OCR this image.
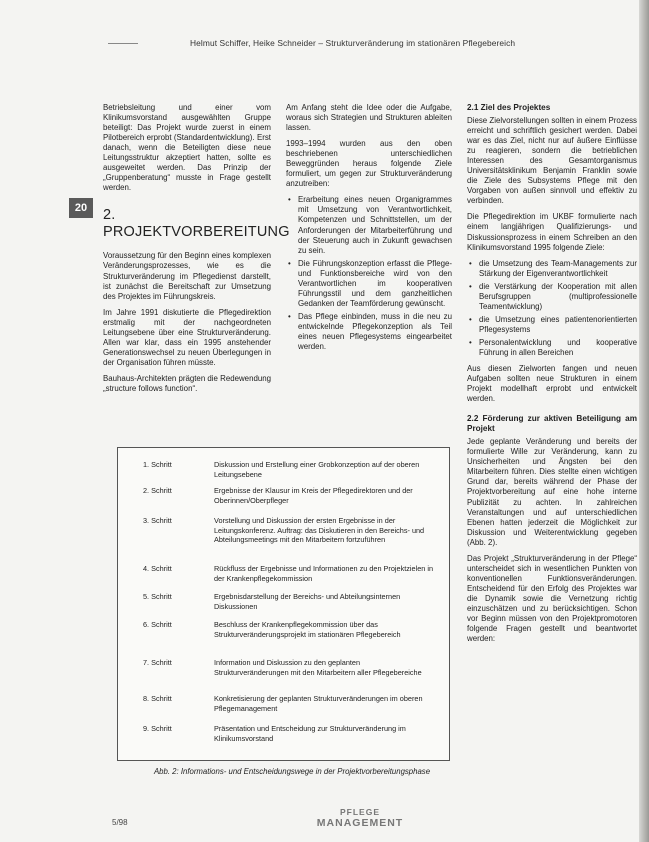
Helmut Schiffer, Heike Schneider – Strukturveränderung im stationären Pflegebereich
20

Betriebsleitung und einer vom Klinikumsvorstand ausgewählten Gruppe beteiligt: Das Projekt wurde zuerst in einem Pilotbereich erprobt (Standardentwicklung). Erst danach, wenn die Beteiligten diese neue Leitungsstruktur akzeptiert hatten, sollte es ausgeweitet werden. Das Prinzip der „Gruppenberatung“ musste in Frage gestellt werden.

2. PROJEKTVORBEREITUNG

Voraussetzung für den Beginn eines komplexen Veränderungsprozesses, wie es die Strukturveränderung im Pflegedienst darstellt, ist zunächst die Bereitschaft zur Umsetzung des Projektes im Führungskreis.

Im Jahre 1991 diskutierte die Pflegedirektion erstmalig mit der nachgeordneten Leitungsebene über eine Strukturveränderung. Allen war klar, dass ein 1995 anstehender Generationswechsel zu neuen Überlegungen in der Organisation führen müsste.

Bauhaus-Architekten prägten die Redewendung „structure follows function“.

Am Anfang steht die Idee oder die Aufgabe, woraus sich Strategien und Strukturen ableiten lassen.

1993–1994 wurden aus den oben beschriebenen unterschiedlichen Beweggründen heraus folgende Ziele formuliert, um gegen zur Strukturveränderung anzutreiben:

• Erarbeitung eines neuen Organigrammes mit Umsetzung von Verantwortlichkeit, Kompetenzen und Schnittstellen, um der Anforderungen der Mitarbeiterführung und der Steuerung auch in Zukunft gewachsen zu sein.
• Die Führungskonzeption erfasst die Pflege- und Funktionsbereiche wird von den Verantwortlichen im kooperativen Führungsstil und dem ganzheitlichen Gedanken der Teamförderung gewünscht.
• Das Pflege einbinden, muss in die neu zu entwickelnde Pflegekonzeption als Teil eines neuen Pflegesystems eingearbeitet werden.
2.1 Ziel des Projektes

Diese Zielvorstellungen sollten in einem Prozess erreicht und schriftlich gesichert werden. Dabei war es das Ziel, nicht nur auf äußere Einflüsse zu reagieren, sondern die betrieblichen Interessen des Gesamtorganismus Universitätsklinikum Benjamin Franklin sowie die Ziele des Subsystems Pflege mit den Vorgaben von außen sinnvoll und effektiv zu verbinden.

Die Pflegedirektion im UKBF formulierte nach einem langjährigen Qualifizierungs- und Diskussionsprozess in einem Schreiben an den Klinikumsvorstand 1995 folgende Ziele:

• die Umsetzung des Team-Managements zur Stärkung der Eigenverantwortlichkeit
• die Verstärkung der Kooperation mit allen Berufsgruppen (multiprofessionelle Teamentwicklung)
• die Umsetzung eines patientenorientierten Pflegesystems
• Personalentwicklung und kooperative Führung in allen Bereichen

Aus diesen Zielworten fangen und neuen Aufgaben sollten neue Strukturen in einem Projekt modellhaft erprobt und entwickelt werden.

2.2 Förderung zur aktiven Beteiligung am Projekt

Jede geplante Veränderung und bereits der formulierte Wille zur Veränderung, kann zu Unsicherheiten und Ängsten bei den Mitarbeitern führen. Dies stellte einen wichtigen Grund dar, bereits während der Phase der Projektvorbereitung auf eine hohe interne Publizität zu achten. In zahlreichen Veranstaltungen und auf unterschiedlichen Ebenen hatten jederzeit die Möglichkeit zur Diskussion und Weiterentwicklung gegeben (Abb. 2).

Das Projekt „Strukturveränderung in der Pflege“ unterscheidet sich in wesentlichen Punkten von konventionellen Funktionsveränderungen. Entscheidend für den Erfolg des Projektes war die Dynamik sowie die Vernetzung richtig einzuschätzen und zu berücksichtigen. Schon vor Beginn müssen von den Projektpromotoren folgende Fragen gestellt und beantwortet werden:

1. Schritt	Diskussion und Erstellung einer Grobkonzeption auf der oberen Leitungsebene
2. Schritt	Ergebnisse der Klausur im Kreis der Pflegedirektoren und der Oberinnen/Oberpfleger
3. Schritt	Vorstellung und Diskussion der ersten Ergebnisse in der Leitungskonferenz. Auftrag: das Diskutieren in den Bereichs- und Abteilungsmeetings mit den Mitarbeitern fortzuführen
4. Schritt	Rückfluss der Ergebnisse und Informationen zu den Projektzielen in der Krankenpflegekommission
5. Schritt	Ergebnisdarstellung der Bereichs- und Abteilungsinternen Diskussionen
6. Schritt	Beschluss der Krankenpflegekommission über das Strukturveränderungsprojekt im stationären Pflegebereich
7. Schritt	Information und Diskussion zu den geplanten Strukturveränderungen mit den Mitarbeitern aller Pflegebereiche
8. Schritt	Konkretisierung der geplanten Strukturveränderungen im oberen Pflegemanagement
9. Schritt	Präsentation und Entscheidung zur Strukturveränderung im Klinikumsvorstand
Abb. 2: Informations- und Entscheidungswege in der Projektvorbereitungsphase
5/98
PFLEGE
MANAGEMENT
